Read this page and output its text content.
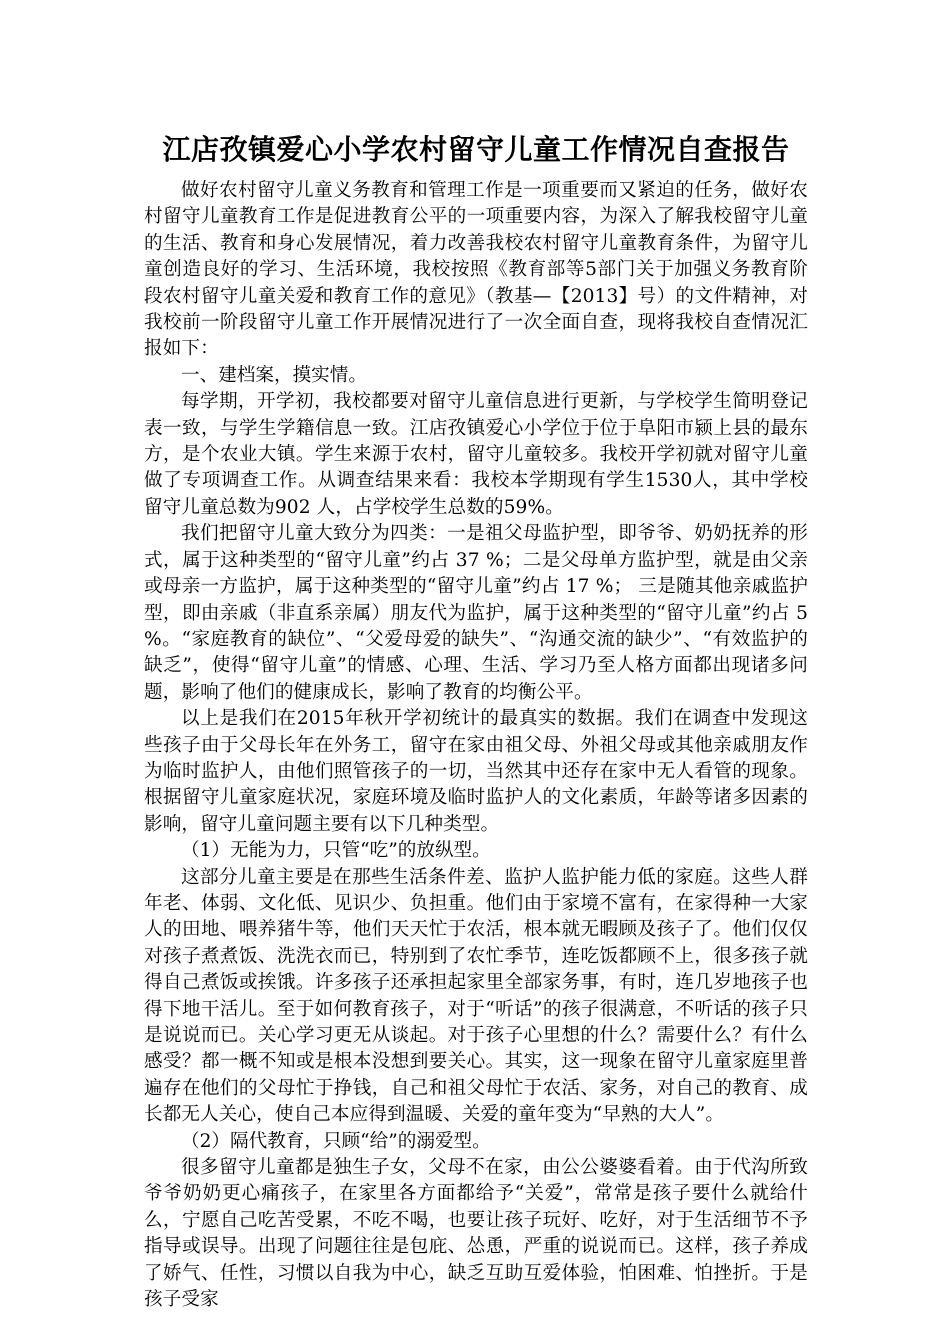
江店孜镇爱心小学农村留守儿童工作情况自查报告

做好农村留守儿童义务教育和管理工作是一项重要而又紧迫的任务，做好农村留守儿童教育工作是促进教育公平的一项重要内容，为深入了解我校留守儿童的生活、教育和身心发展情况，着力改善我校农村留守儿童教育条件，为留守儿童创造良好的学习、生活环境，我校按照《教育部等5部门关于加强义务教育阶段农村留守儿童关爱和教育工作的意见》（教基—【2013】号）的文件精神，对我校前一阶段留守儿童工作开展情况进行了一次全面自查，现将我校自查情况汇报如下：

一、建档案，摸实情。

每学期，开学初，我校都要对留守儿童信息进行更新，与学校学生简明登记表一致，与学生学籍信息一致。江店孜镇爱心小学位于位于阜阳市颍上县的最东方，是个农业大镇。学生来源于农村，留守儿童较多。我校开学初就对留守儿童做了专项调查工作。从调查结果来看：我校本学期现有学生1530人，其中学校留守儿童总数为902 人，占学校学生总数的59%。

我们把留守儿童大致分为四类：一是祖父母监护型，即爷爷、奶奶抚养的形式，属于这种类型的“留守儿童”约占 37 %；二是父母单方监护型，就是由父亲或母亲一方监护，属于这种类型的“留守儿童”约占 17 %； 三是随其他亲戚监护型，即由亲戚（非直系亲属）朋友代为监护，属于这种类型的“留守儿童”约占 5 %。“家庭教育的缺位”、“父爱母爱的缺失”、“沟通交流的缺少”、“有效监护的缺乏”，使得“留守儿童”的情感、心理、生活、学习乃至人格方面都出现诸多问题，影响了他们的健康成长，影响了教育的均衡公平。

以上是我们在2015年秋开学初统计的最真实的数据。我们在调查中发现这些孩子由于父母长年在外务工，留守在家由祖父母、外祖父母或其他亲戚朋友作为临时监护人，由他们照管孩子的一切，当然其中还存在家中无人看管的现象。根据留守儿童家庭状况，家庭环境及临时监护人的文化素质，年龄等诸多因素的影响，留守儿童问题主要有以下几种类型。

（1）无能为力，只管“吃”的放纵型。

这部分儿童主要是在那些生活条件差、监护人监护能力低的家庭。这些人群年老、体弱、文化低、见识少、负担重。他们由于家境不富有，在家得种一大家人的田地、喂养猪牛等，他们天天忙于农活，根本就无暇顾及孩子了。他们仅仅对孩子煮煮饭、洗洗衣而已，特别到了农忙季节，连吃饭都顾不上，很多孩子就得自己煮饭或挨饿。许多孩子还承担起家里全部家务事，有时，连几岁地孩子也得下地干活儿。至于如何教育孩子，对于“听话”的孩子很满意，不听话的孩子只是说说而已。关心学习更无从谈起。对于孩子心里想的什么？需要什么？有什么感受？都一概不知或是根本没想到要关心。其实，这一现象在留守儿童家庭里普遍存在他们的父母忙于挣钱，自己和祖父母忙于农活、家务，对自己的教育、成长都无人关心，使自己本应得到温暖、关爱的童年变为“早熟的大人”。

（2）隔代教育，只顾“给”的溺爱型。

很多留守儿童都是独生子女，父母不在家，由公公婆婆看着。由于代沟所致爷爷奶奶更心痛孩子，在家里各方面都给予“关爱”，常常是孩子要什么就给什么，宁愿自己吃苦受累，不吃不喝，也要让孩子玩好、吃好，对于生活细节不予指导或误导。出现了问题往往是包庇、怂恿，严重的说说而已。这样，孩子养成了娇气、任性，习惯以自我为中心，缺乏互助互爱体验，怕困难、怕挫折。于是孩子受家
